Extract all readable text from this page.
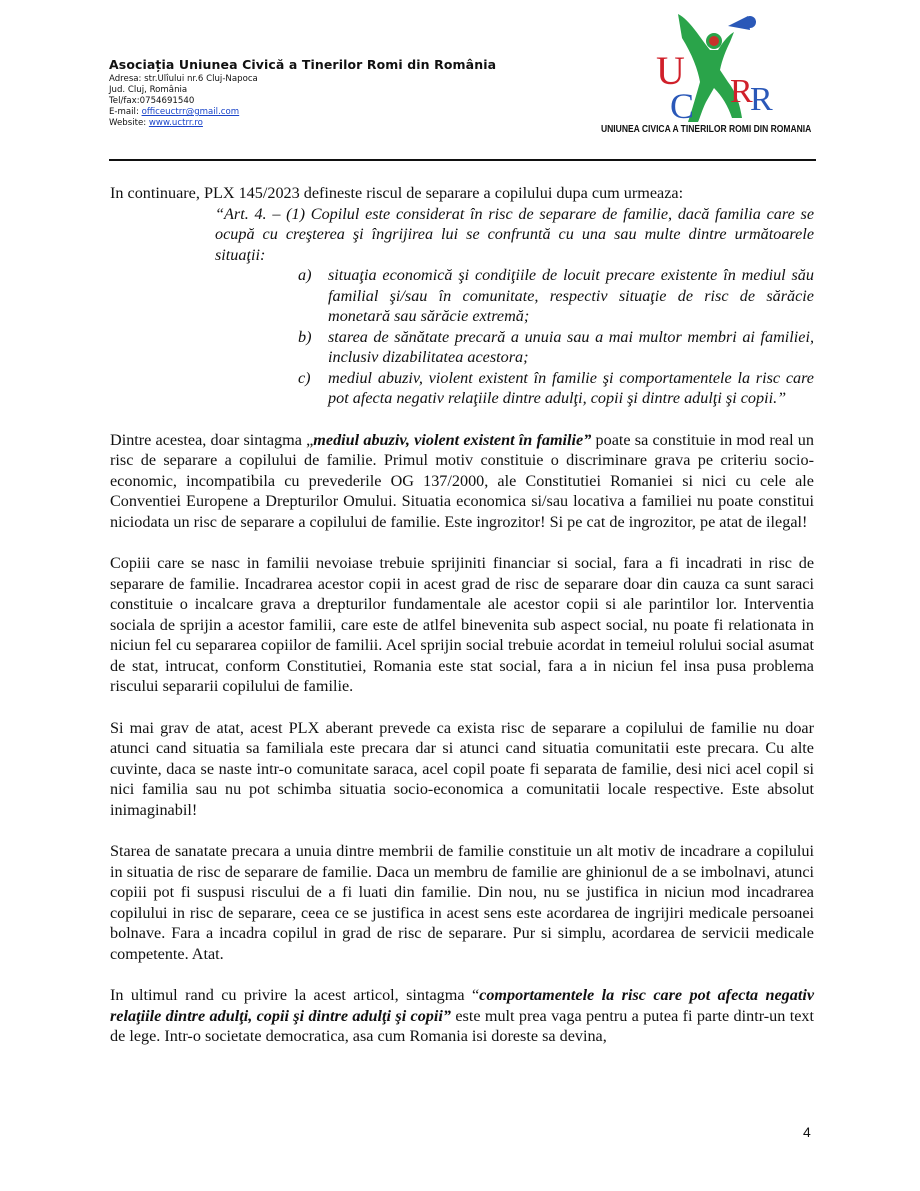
Asociația Uniunea Civică a Tinerilor Romi din România

Adresa: str.Ulîului nr.6 Cluj-Napoca

Jud. Cluj, România

Tel/fax:0754691540

E-mail: officeuctrr@gmail.com

Website: www.uctrr.ro

U
C R
R
UNIUNEA CIVICA A TINERILOR ROMI DIN ROMANIA

In continuare, PLX 145/2023 defineste riscul de separare a copilului dupa cum urmeaza:

“Art. 4. – (1) Copilul este considerat în risc de separare de familie, dacă familia care se ocupă cu creşterea şi îngrijirea lui se confruntă cu una sau multe dintre următoarele situaţii:

a) situaţia economică şi condiţiile de locuit precare existente în mediul său familial şi/sau în comunitate, respectiv situaţie de risc de sărăcie monetară sau sărăcie extremă;
b) starea de sănătate precară a unuia sau a mai multor membri ai familiei, inclusiv dizabilitatea acestora;
c) mediul abuziv, violent existent în familie şi comportamentele la risc care pot afecta negativ relaţiile dintre adulţi, copii şi dintre adulţi şi copii.”

Dintre acestea, doar sintagma „mediul abuziv, violent existent în familie” poate sa constituie in mod real un risc de separare a copilului de familie. Primul motiv constituie o discriminare grava pe criteriu socio-economic, incompatibila cu prevederile OG 137/2000, ale Constitutiei Romaniei si nici cu cele ale Conventiei Europene a Drepturilor Omului. Situatia economica si/sau locativa a familiei nu poate constitui niciodata un risc de separare a copilului de familie. Este ingrozitor! Si pe cat de ingrozitor, pe atat de ilegal!

Copiii care se nasc in familii nevoiase trebuie sprijiniti financiar si social, fara a fi incadrati in risc de separare de familie. Incadrarea acestor copii in acest grad de risc de separare doar din cauza ca sunt saraci constituie o incalcare grava a drepturilor fundamentale ale acestor copii si ale parintilor lor. Interventia sociala de sprijin a acestor familii, care este de atlfel binevenita sub aspect social, nu poate fi relationata in niciun fel cu separarea copiilor de familii. Acel sprijin social trebuie acordat in temeiul rolului social asumat de stat, intrucat, conform Constitutiei, Romania este stat social, fara a in niciun fel insa pusa problema riscului separarii copilului de familie.

Si mai grav de atat, acest PLX aberant prevede ca exista risc de separare a copilului de familie nu doar atunci cand situatia sa familiala este precara dar si atunci cand situatia comunitatii este precara. Cu alte cuvinte, daca se naste intr-o comunitate saraca, acel copil poate fi separata de familie, desi nici acel copil si nici familia sau nu pot schimba situatia socio-economica a comunitatii locale respective. Este absolut inimaginabil!

Starea de sanatate precara a unuia dintre membrii de familie constituie un alt motiv de incadrare a copilului in situatia de risc de separare de familie. Daca un membru de familie are ghinionul de a se imbolnavi, atunci copiii pot fi suspusi riscului de a fi luati din familie. Din nou, nu se justifica in niciun mod incadrarea copilului in risc de separare, ceea ce se justifica in acest sens este acordarea de ingrijiri medicale persoanei bolnave. Fara a incadra copilul in grad de risc de separare. Pur si simplu, acordarea de servicii medicale competente. Atat.

In ultimul rand cu privire la acest articol, sintagma “comportamentele la risc care pot afecta negativ relaţiile dintre adulţi, copii şi dintre adulţi şi copii” este mult prea vaga pentru a putea fi parte dintr-un text de lege. Intr-o societate democratica, asa cum Romania isi doreste sa devina,

4
